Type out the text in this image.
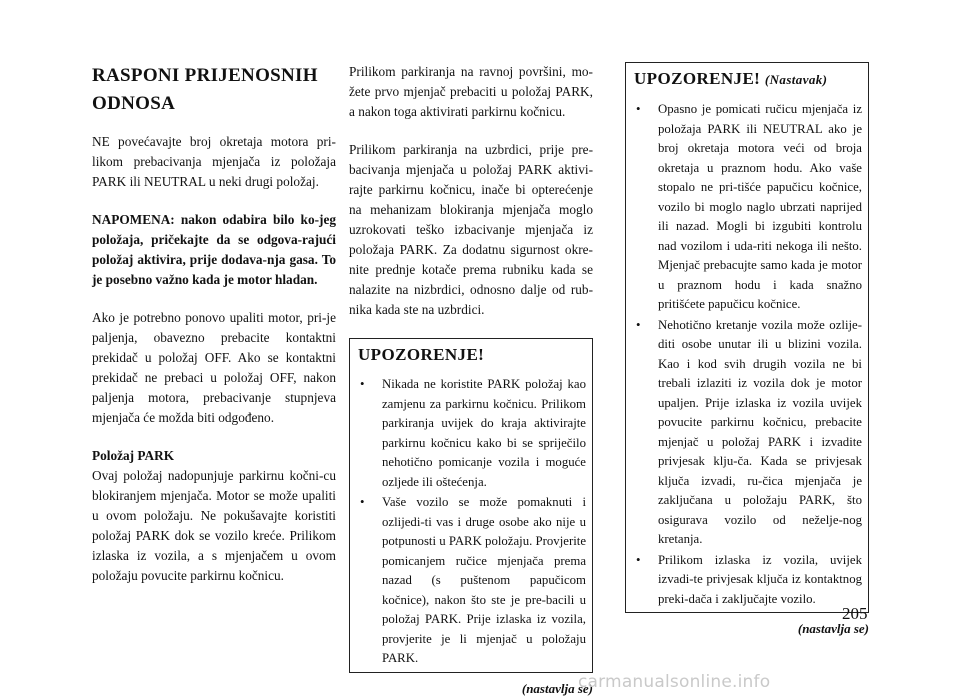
RASPONI PRIJENOSNIH ODNOSA

NE povećavajte broj okretaja motora pri-likom prebacivanja mjenjača iz položaja PARK ili NEUTRAL u neki drugi položaj.

NAPOMENA: nakon odabira bilo ko-jeg položaja, pričekajte da se odgova-rajući položaj aktivira, prije dodava-nja gasa. To je posebno važno kada je motor hladan.

Ako je potrebno ponovo upaliti motor, pri-je paljenja, obavezno prebacite kontaktni prekidač u položaj OFF. Ako se kontaktni prekidač ne prebaci u položaj OFF, nakon paljenja motora, prebacivanje stupnjeva mjenjača će možda biti odgođeno.

Položaj PARK

Ovaj položaj nadopunjuje parkirnu kočni-cu blokiranjem mjenjača. Motor se može upaliti u ovom položaju. Ne pokušavajte koristiti položaj PARK dok se vozilo kreće. Prilikom izlaska iz vozila, a s mjenjačem u ovom položaju povucite parkirnu kočnicu.

Prilikom parkiranja na ravnoj površini, mo-žete prvo mjenjač prebaciti u položaj PARK, a nakon toga aktivirati parkirnu kočnicu.

Prilikom parkiranja na uzbrdici, prije pre-bacivanja mjenjača u položaj PARK aktivi-rajte parkirnu kočnicu, inače bi opterećenje na mehanizam blokiranja mjenjača moglo uzrokovati teško izbacivanje mjenjača iz položaja PARK. Za dodatnu sigurnost okre-nite prednje kotače prema rubniku kada se nalazite na nizbrdici, odnosno dalje od rub-nika kada ste na uzbrdici.

UPOZORENJE!
• Nikada ne koristite PARK položaj kao zamjenu za parkirnu kočnicu. Prilikom parkiranja uvijek do kraja aktivirajte parkirnu kočnicu kako bi se spriječilo nehotično pomicanje vozila i moguće ozljede ili oštećenja.
• Vaše vozilo se može pomaknuti i ozlijedi-ti vas i druge osobe ako nije u potpunosti u PARK položaju. Provjerite pomicanjem ručice mjenjača prema nazad (s puštenom papučicom kočnice), nakon što ste je pre-bacili u položaj PARK. Prije izlaska iz vozila, provjerite je li mjenjač u položaju PARK.
(nastavlja se)
UPOZORENJE! (Nastavak)
• Opasno je pomicati ručicu mjenjača iz položaja PARK ili NEUTRAL ako je broj okretaja motora veći od broja okretaja u praznom hodu. Ako vaše stopalo ne pri-tišće papučicu kočnice, vozilo bi moglo naglo ubrzati naprijed ili nazad. Mogli bi izgubiti kontrolu nad vozilom i uda-riti nekoga ili nešto. Mjenjač prebacujte samo kada je motor u praznom hodu i kada snažno pritišćete papučicu kočnice.
• Nehotično kretanje vozila može ozlije-diti osobe unutar ili u blizini vozila. Kao i kod svih drugih vozila ne bi trebali izlaziti iz vozila dok je motor upaljen. Prije izlaska iz vozila uvijek povucite parkirnu kočnicu, prebacite mjenjač u položaj PARK i izvadite privjesak klju-ča. Kada se privjesak ključa izvadi, ru-čica mjenjača je zaključana u položaju PARK, što osigurava vozilo od neželje-nog kretanja.
• Prilikom izlaska iz vozila, uvijek izvadi-te privjesak ključa iz kontaktnog preki-dača i zaključajte vozilo.
(nastavlja se)
205
carmanualsonline.info
